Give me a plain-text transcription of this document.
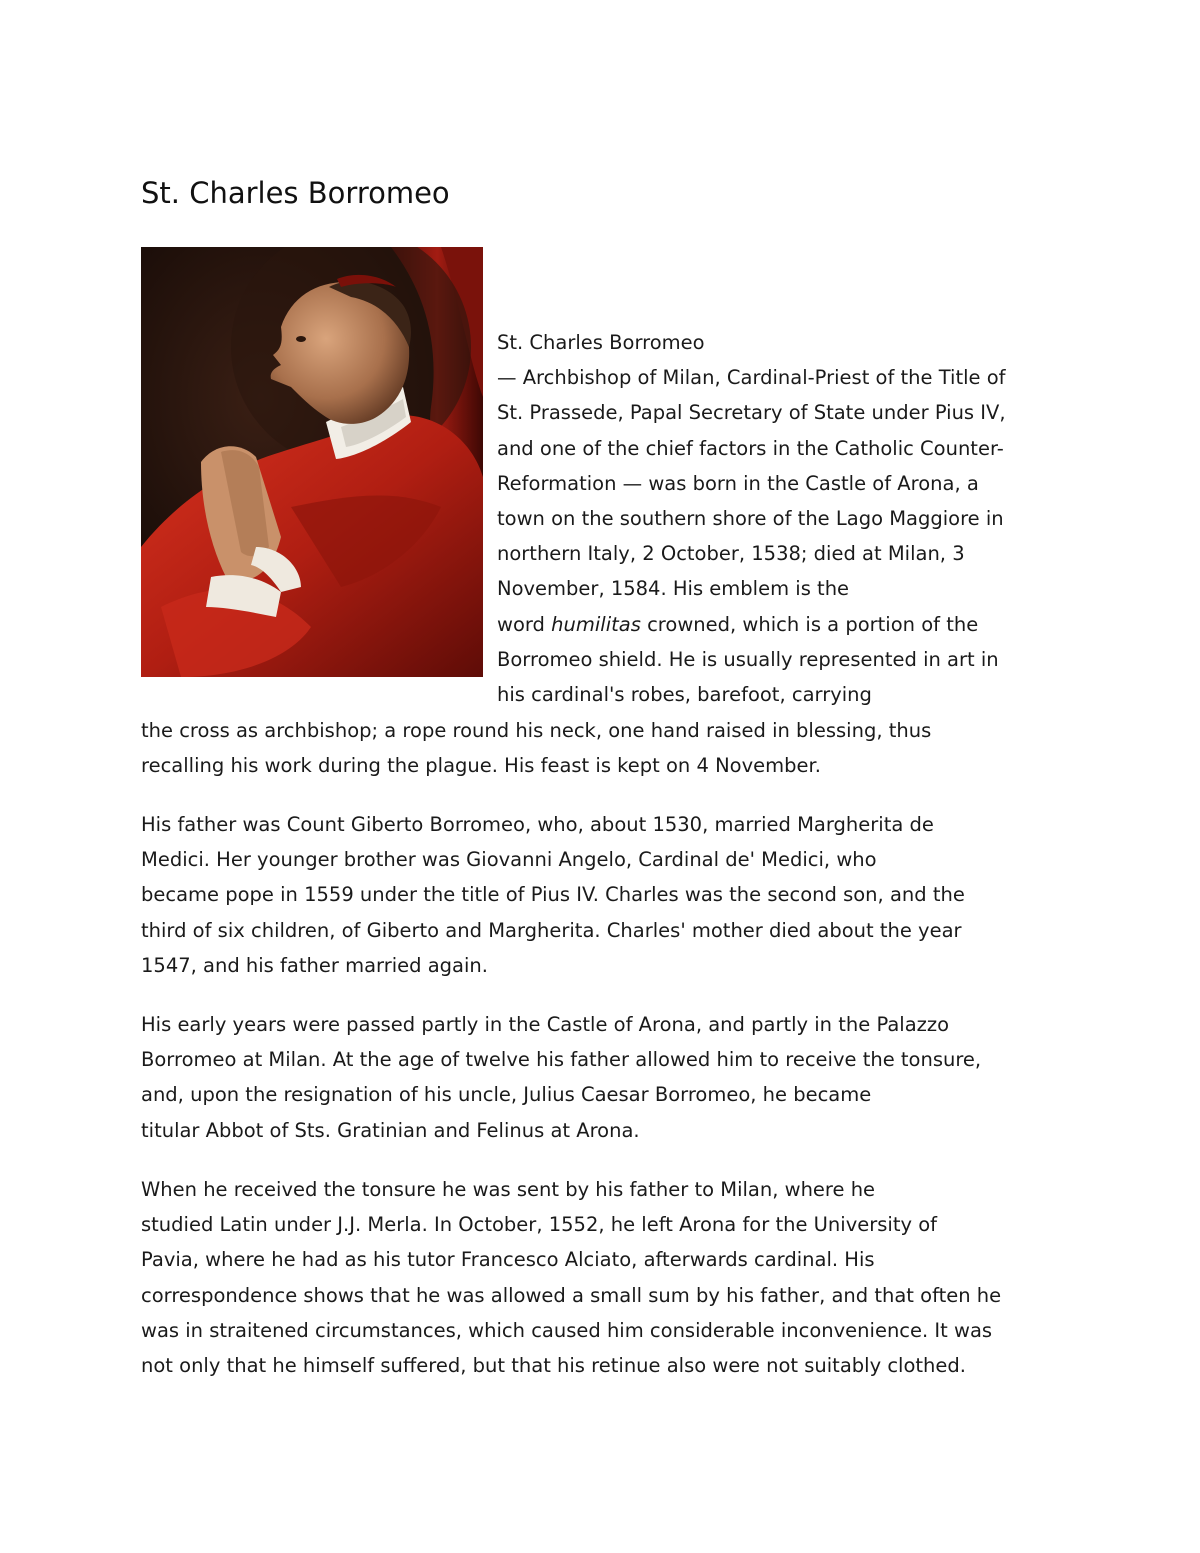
St. Charles Borromeo
St. Charles Borromeo
— Archbishop of Milan, Cardinal-Priest of the Title of
St. Prassede, Papal Secretary of State under Pius IV,
and one of the chief factors in the Catholic Counter-
Reformation — was born in the Castle of Arona, a
town on the southern shore of the Lago Maggiore in
northern Italy, 2 October, 1538; died at Milan, 3
November, 1584. His emblem is the
word humilitas crowned, which is a portion of the
Borromeo shield. He is usually represented in art in
his cardinal's robes, barefoot, carrying
the cross as archbishop; a rope round his neck, one hand raised in blessing, thus
recalling his work during the plague. His feast is kept on 4 November.
His father was Count Giberto Borromeo, who, about 1530, married Margherita de
Medici. Her younger brother was Giovanni Angelo, Cardinal de' Medici, who
became pope in 1559 under the title of Pius IV. Charles was the second son, and the
third of six children, of Giberto and Margherita. Charles' mother died about the year
1547, and his father married again.
His early years were passed partly in the Castle of Arona, and partly in the Palazzo
Borromeo at Milan. At the age of twelve his father allowed him to receive the tonsure,
and, upon the resignation of his uncle, Julius Caesar Borromeo, he became
titular Abbot of Sts. Gratinian and Felinus at Arona.
When he received the tonsure he was sent by his father to Milan, where he
studied Latin under J.J. Merla. In October, 1552, he left Arona for the University of
Pavia, where he had as his tutor Francesco Alciato, afterwards cardinal. His
correspondence shows that he was allowed a small sum by his father, and that often he
was in straitened circumstances, which caused him considerable inconvenience. It was
not only that he himself suffered, but that his retinue also were not suitably clothed.
